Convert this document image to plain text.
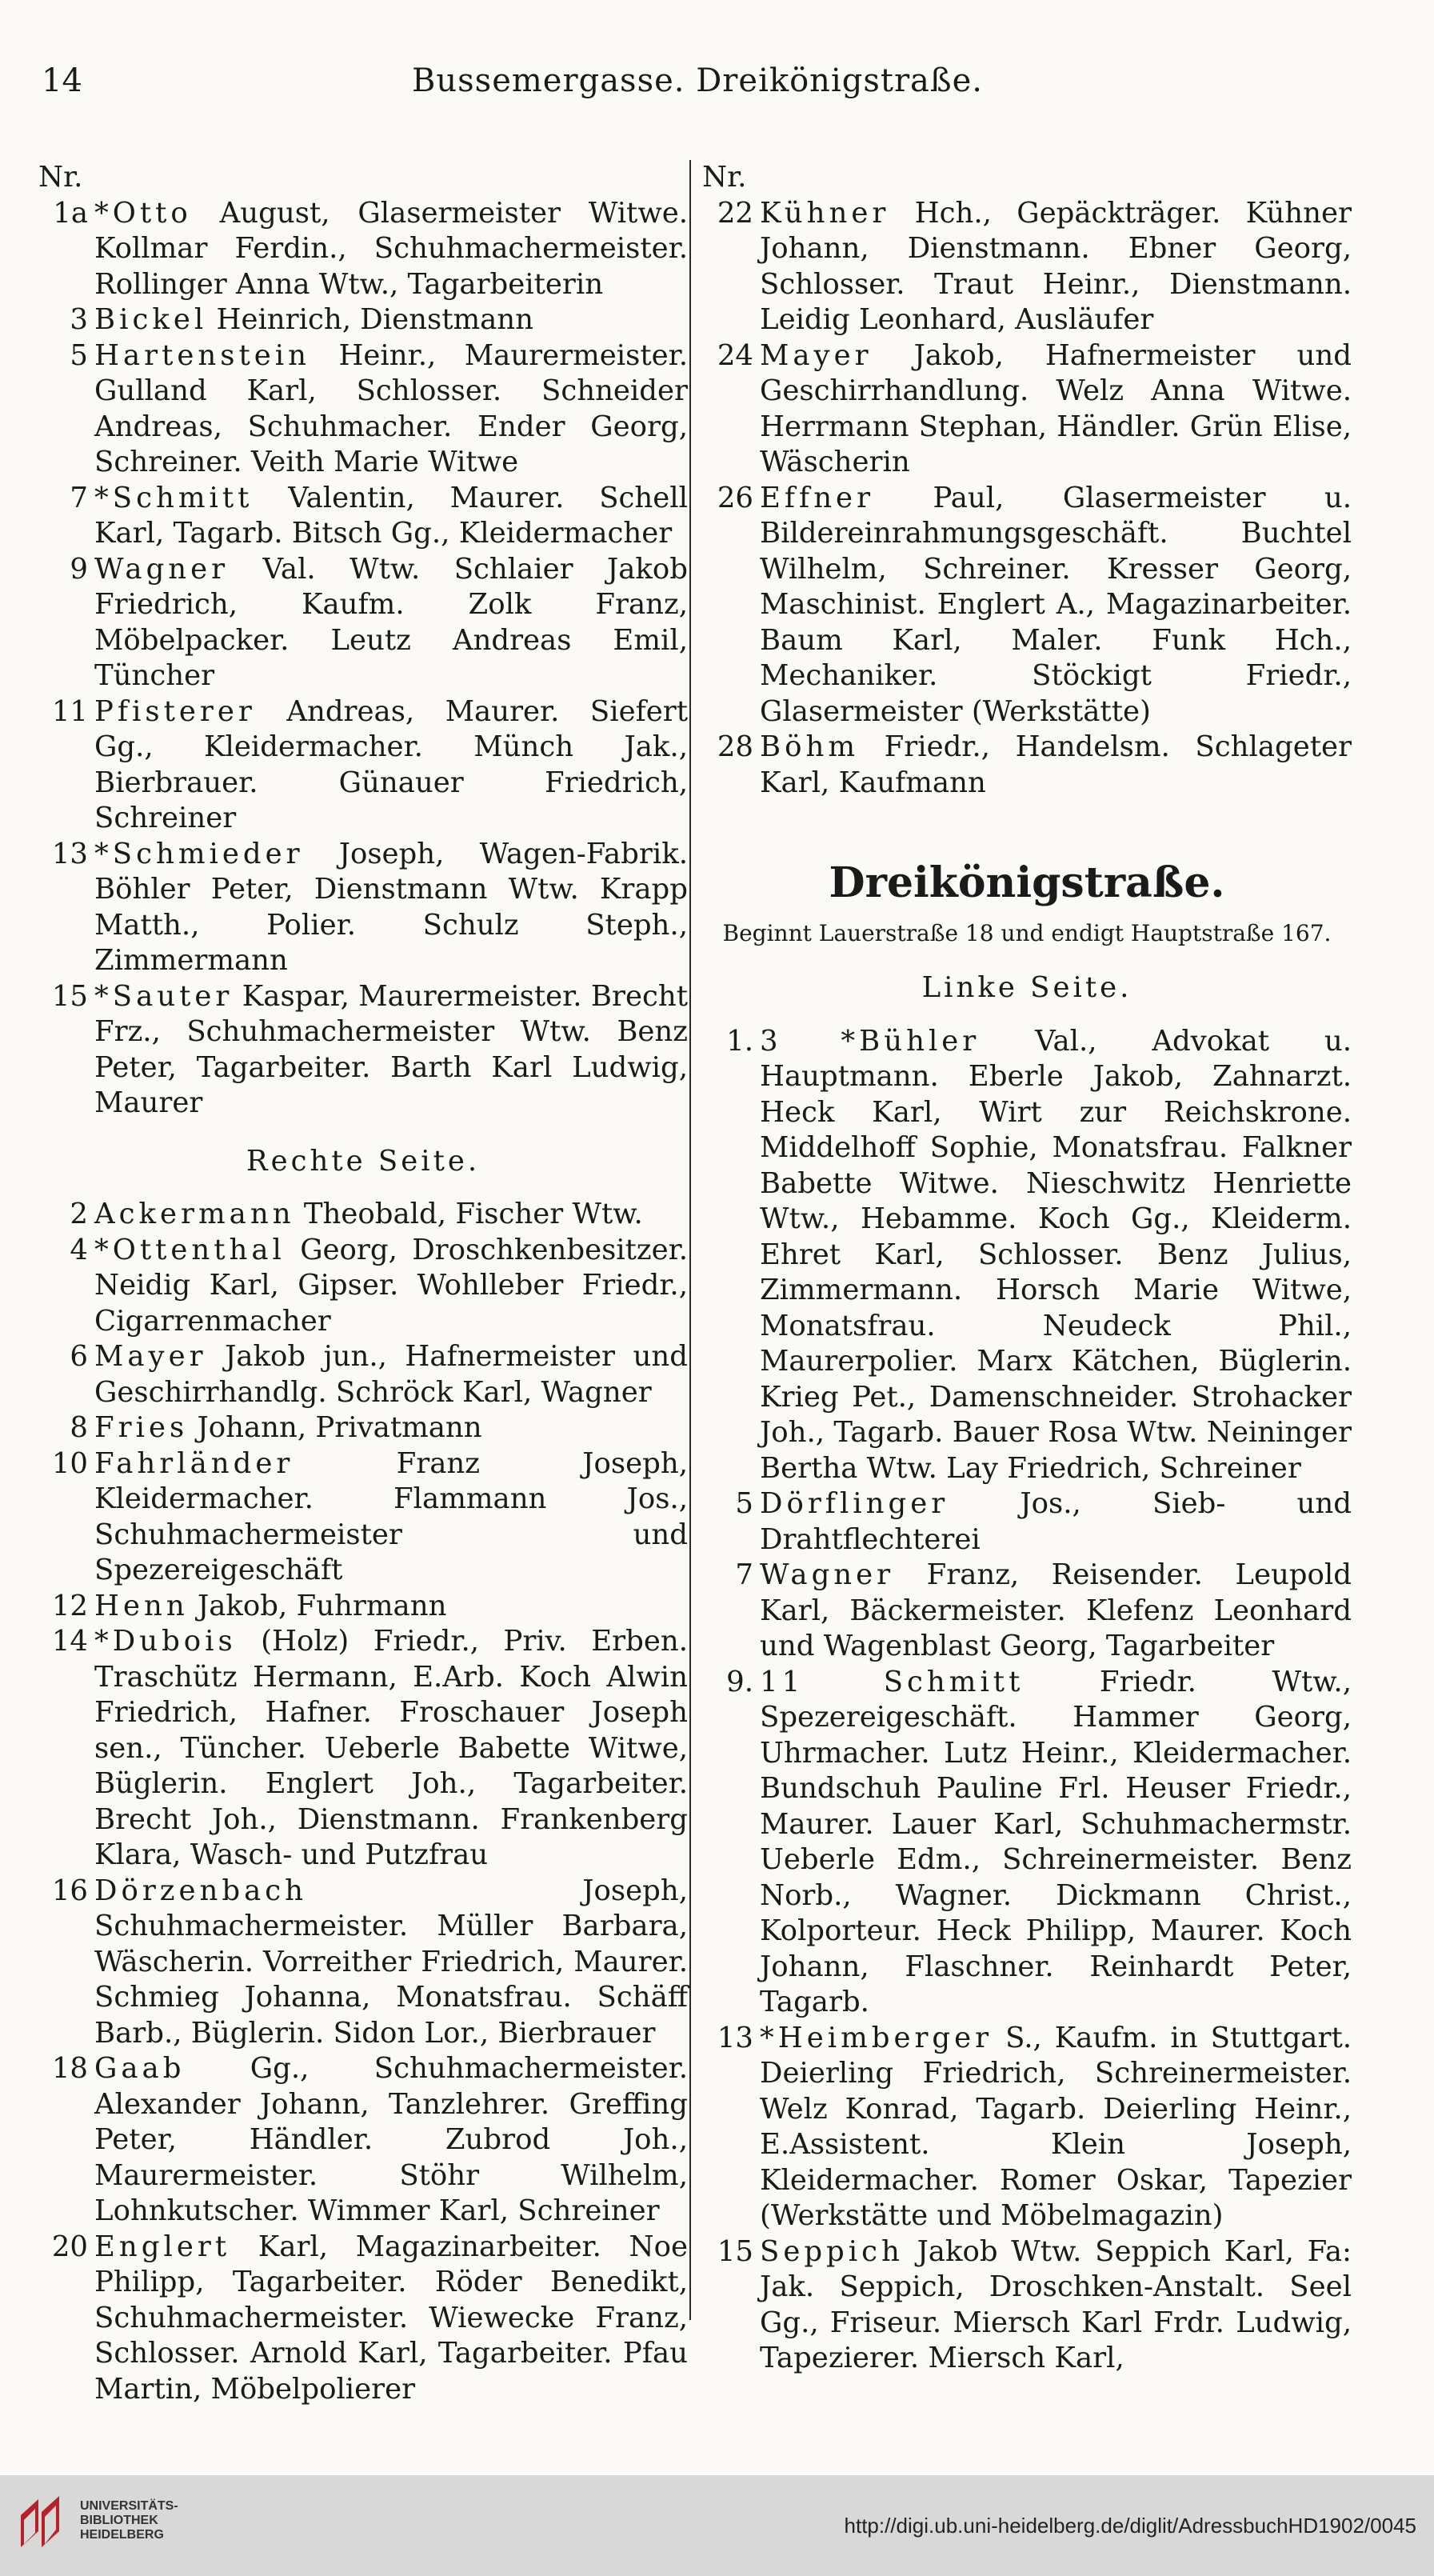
14	Bussemergasse. Dreikönigstraße.

Nr.

1a *Otto August, Glasermeister Witwe. Kollmar Ferdin., Schuhmachermeister. Rollinger Anna Wtw., Tagarbeiterin
3 Bickel Heinrich, Dienstmann
5 Hartenstein Heinr., Maurermeister. Gulland Karl, Schlosser. Schneider Andreas, Schuhmacher. Ender Georg, Schreiner. Veith Marie Witwe
7 *Schmitt Valentin, Maurer. Schell Karl, Tagarb. Bitsch Gg., Kleidermacher
9 Wagner Val. Wtw. Schlaier Jakob Friedrich, Kaufm. Zolk Franz, Möbelpacker. Leutz Andreas Emil, Tüncher
11 Pfisterer Andreas, Maurer. Siefert Gg., Kleidermacher. Münch Jak., Bierbrauer. Günauer Friedrich, Schreiner
13 *Schmieder Joseph, Wagen-Fabrik. Böhler Peter, Dienstmann Wtw. Krapp Matth., Polier. Schulz Steph., Zimmermann
15 *Sauter Kaspar, Maurermeister. Brecht Frz., Schuhmachermeister Wtw. Benz Peter, Tagarbeiter. Barth Karl Ludwig, Maurer
Rechte Seite.
2 Ackermann Theobald, Fischer Wtw.
4 *Ottenthal Georg, Droschkenbesitzer. Neidig Karl, Gipser. Wohlleber Friedr., Cigarrenmacher
6 Mayer Jakob jun., Hafnermeister und Geschirrhandlg. Schröck Karl, Wagner
8 Fries Johann, Privatmann
10 Fahrländer Franz Joseph, Kleidermacher. Flammann Jos., Schuhmachermeister und Spezereigeschäft
12 Henn Jakob, Fuhrmann
14 *Dubois (Holz) Friedr., Priv. Erben. Traschütz Hermann, E.Arb. Koch Alwin Friedrich, Hafner. Froschauer Joseph sen., Tüncher. Ueberle Babette Witwe, Büglerin. Englert Joh., Tagarbeiter. Brecht Joh., Dienstmann. Frankenberg Klara, Wasch- und Putzfrau
16 Dörzenbach Joseph, Schuhmachermeister. Müller Barbara, Wäscherin. Vorreither Friedrich, Maurer. Schmieg Johanna, Monatsfrau. Schäff Barb., Büglerin. Sidon Lor., Bierbrauer
18 Gaab Gg., Schuhmachermeister. Alexander Johann, Tanzlehrer. Greffing Peter, Händler. Zubrod Joh., Maurermeister. Stöhr Wilhelm, Lohnkutscher. Wimmer Karl, Schreiner
20 Englert Karl, Magazinarbeiter. Noe Philipp, Tagarbeiter. Röder Benedikt, Schuhmachermeister. Wiewecke Franz, Schlosser. Arnold Karl, Tagarbeiter. Pfau Martin, Möbelpolierer

Nr.

22 Kühner Hch., Gepäckträger. Kühner Johann, Dienstmann. Ebner Georg, Schlosser. Traut Heinr., Dienstmann. Leidig Leonhard, Ausläufer
24 Mayer Jakob, Hafnermeister und Geschirrhandlung. Welz Anna Witwe. Herrmann Stephan, Händler. Grün Elise, Wäscherin
26 Effner Paul, Glasermeister u. Bildereinrahmungsgeschäft. Buchtel Wilhelm, Schreiner. Kresser Georg, Maschinist. Englert A., Magazinarbeiter. Baum Karl, Maler. Funk Hch., Mechaniker. Stöckigt Friedr., Glasermeister (Werkstätte)
28 Böhm Friedr., Handelsm. Schlageter Karl, Kaufmann
Dreikönigstraße.
Beginnt Lauerstraße 18 und endigt Hauptstraße 167.
Linke Seite.
1. 3 *Bühler Val., Advokat u. Hauptmann. Eberle Jakob, Zahnarzt. Heck Karl, Wirt zur Reichskrone. Middelhoff Sophie, Monatsfrau. Falkner Babette Witwe. Nieschwitz Henriette Wtw., Hebamme. Koch Gg., Kleiderm. Ehret Karl, Schlosser. Benz Julius, Zimmermann. Horsch Marie Witwe, Monatsfrau. Neudeck Phil., Maurerpolier. Marx Kätchen, Büglerin. Krieg Pet., Damenschneider. Strohacker Joh., Tagarb. Bauer Rosa Wtw. Neininger Bertha Wtw. Lay Friedrich, Schreiner
5 Dörflinger Jos., Sieb- und Drahtflechterei
7 Wagner Franz, Reisender. Leupold Karl, Bäckermeister. Klefenz Leonhard und Wagenblast Georg, Tagarbeiter
9. 11 Schmitt Friedr. Wtw., Spezereigeschäft. Hammer Georg, Uhrmacher. Lutz Heinr., Kleidermacher. Bundschuh Pauline Frl. Heuser Friedr., Maurer. Lauer Karl, Schuhmachermstr. Ueberle Edm., Schreinermeister. Benz Norb., Wagner. Dickmann Christ., Kolporteur. Heck Philipp, Maurer. Koch Johann, Flaschner. Reinhardt Peter, Tagarb.
13 *Heimberger S., Kaufm. in Stuttgart. Deierling Friedrich, Schreinermeister. Welz Konrad, Tagarb. Deierling Heinr., E.Assistent. Klein Joseph, Kleidermacher. Romer Oskar, Tapezier (Werkstätte und Möbelmagazin)
15 Seppich Jakob Wtw. Seppich Karl, Fa: Jak. Seppich, Droschken-Anstalt. Seel Gg., Friseur. Miersch Karl Frdr. Ludwig, Tapezierer. Miersch Karl,
UNIVERSITÄTS-
BIBLIOTHEK
HEIDELBERG	http://digi.ub.uni-heidelberg.de/diglit/AdressbuchHD1902/0045
